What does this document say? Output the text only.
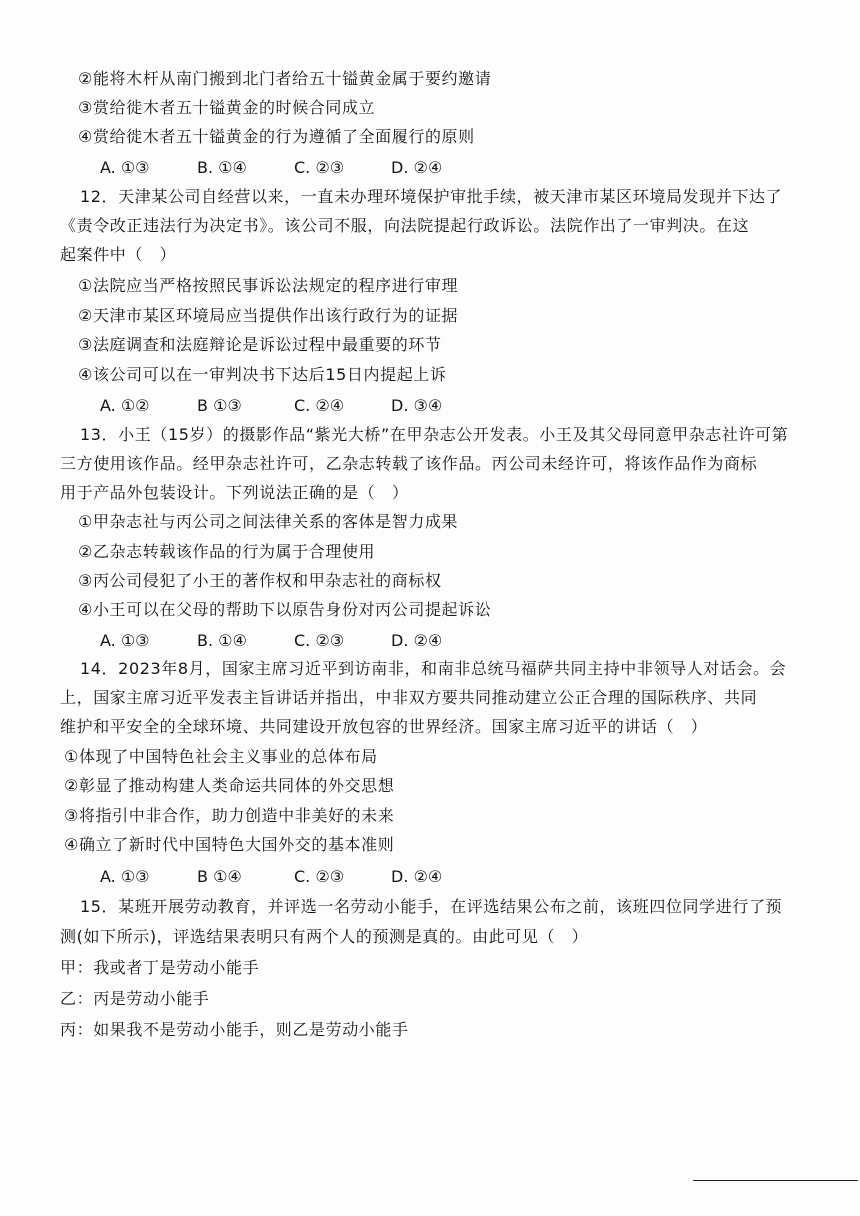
②能将木杆从南门搬到北门者给五十镒黄金属于要约邀请
③赏给徙木者五十镒黄金的时候合同成立
④赏给徙木者五十镒黄金的行为遵循了全面履行的原则
A. ①③	B. ①④	C. ②③	D. ②④
12．天津某公司自经营以来，一直未办理环境保护审批手续，被天津市某区环境局发现并下达了
《责令改正违法行为决定书》。该公司不服，向法院提起行政诉讼。法院作出了一审判决。在这
起案件中（　）
①法院应当严格按照民事诉讼法规定的程序进行审理
②天津市某区环境局应当提供作出该行政行为的证据
③法庭调查和法庭辩论是诉讼过程中最重要的环节
④该公司可以在一审判决书下达后15日内提起上诉
A. ①②	B ①③	C. ②④	D. ③④
13．小王（15岁）的摄影作品“紫光大桥”在甲杂志公开发表。小王及其父母同意甲杂志社许可第
三方使用该作品。经甲杂志社许可，乙杂志转载了该作品。丙公司未经许可，将该作品作为商标
用于产品外包装设计。下列说法正确的是（　）
①甲杂志社与丙公司之间法律关系的客体是智力成果
②乙杂志转载该作品的行为属于合理使用
③丙公司侵犯了小王的著作权和甲杂志社的商标权
④小王可以在父母的帮助下以原告身份对丙公司提起诉讼
A. ①③	B. ①④	C. ②③	D. ②④
14．2023年8月，国家主席习近平到访南非，和南非总统马福萨共同主持中非领导人对话会。会
上，国家主席习近平发表主旨讲话并指出，中非双方要共同推动建立公正合理的国际秩序、共同
维护和平安全的全球环境、共同建设开放包容的世界经济。国家主席习近平的讲话（　）
①体现了中国特色社会主义事业的总体布局
②彰显了推动构建人类命运共同体的外交思想
③将指引中非合作，助力创造中非美好的未来
④确立了新时代中国特色大国外交的基本准则
A. ①③	B ①④	C. ②③	D. ②④
15．某班开展劳动教育，并评选一名劳动小能手，在评选结果公布之前，该班四位同学进行了预
测(如下所示)，评选结果表明只有两个人的预测是真的。由此可见（　）
甲：我或者丁是劳动小能手
乙：丙是劳动小能手
丙：如果我不是劳动小能手，则乙是劳动小能手
